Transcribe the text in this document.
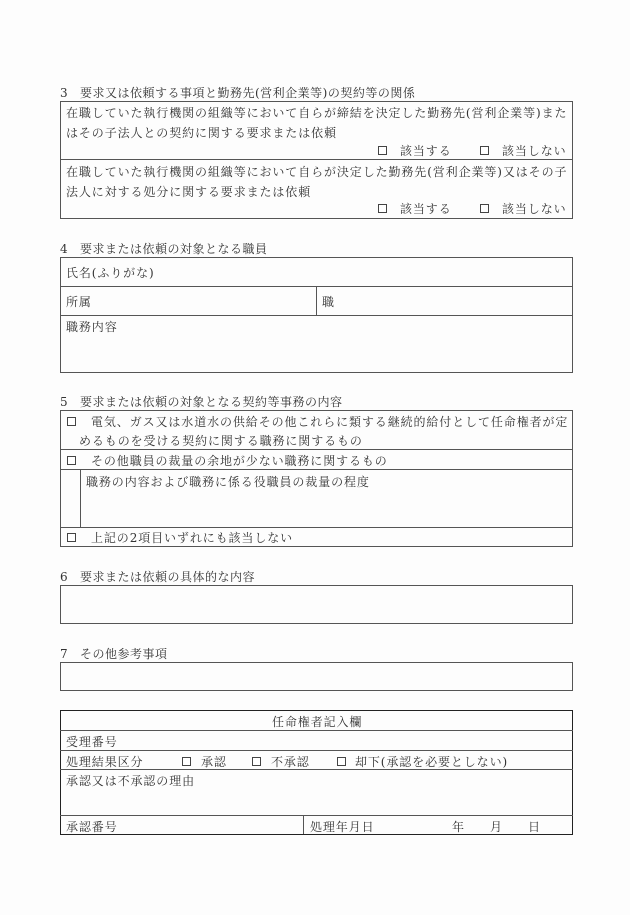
3 要求又は依頼する事項と勤務先(営利企業等)の契約等の関係
在職していた執行機関の組織等において自らが締結を決定した勤務先(営利企業等)また
はその子法人との契約に関する要求または依頼
該当する	該当しない
在職していた執行機関の組織等において自らが決定した勤務先(営利企業等)又はその子
法人に対する処分に関する要求または依頼
該当する	該当しない
4 要求または依頼の対象となる職員
氏名(ふりがな)
所属	職
職務内容
5 要求または依頼の対象となる契約等事務の内容
電気、ガス又は水道水の供給その他これらに類する継続的給付として任命権者が定
めるものを受ける契約に関する職務に関するもの
その他職員の裁量の余地が少ない職務に関するもの
職務の内容および職務に係る役職員の裁量の程度
上記の2項目いずれにも該当しない
6 要求または依頼の具体的な内容
7 その他参考事項
任命権者記入欄
受理番号
処理結果区分	承認	不承認	却下(承認を必要としない)
承認又は不承認の理由
承認番号	処理年月日	年 月 日
